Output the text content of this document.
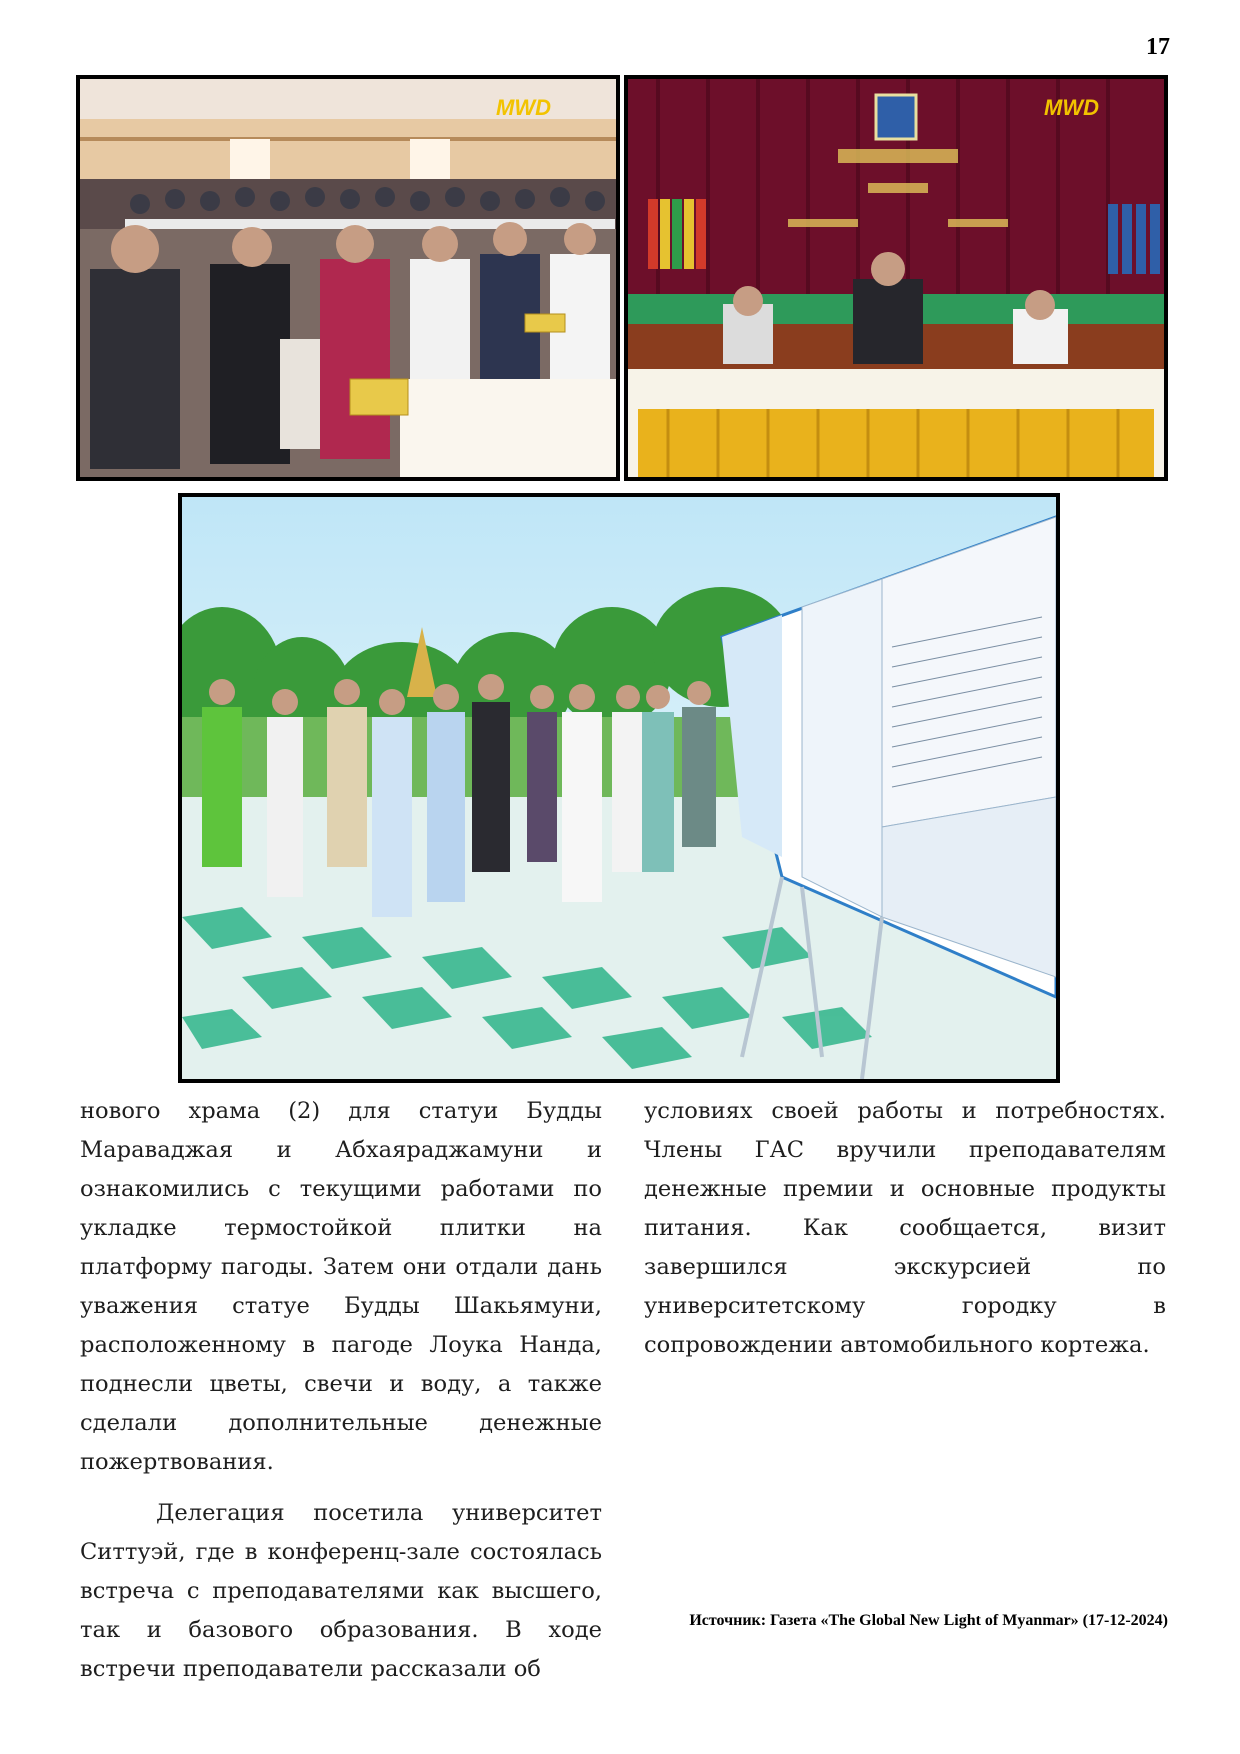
17
MWD	MWD

нового храма (2) для статуи Будды Мараваджая и Абхаяраджамуни и ознакомились с текущими работами по укладке термостойкой плитки на платформу пагоды. Затем они отдали дань уважения статуе Будды Шакьямуни, расположенному в пагоде Лоука Нанда, поднесли цветы, свечи и воду, а также сделали дополнительные денежные пожертвования.

Делегация посетила университет Ситтуэй, где в конференц-зале состоялась встреча с преподавателями как высшего, так и базового образования. В ходе встречи преподаватели рассказали об

условиях своей работы и потребностях. Члены ГАС вручили преподавателям денежные премии и основные продукты питания. Как сообщается, визит завершился экскурсией по университетскому городку в сопровождении автомобильного кортежа.

Источник: Газета «The Global New Light of Myanmar» (17-12-2024)
